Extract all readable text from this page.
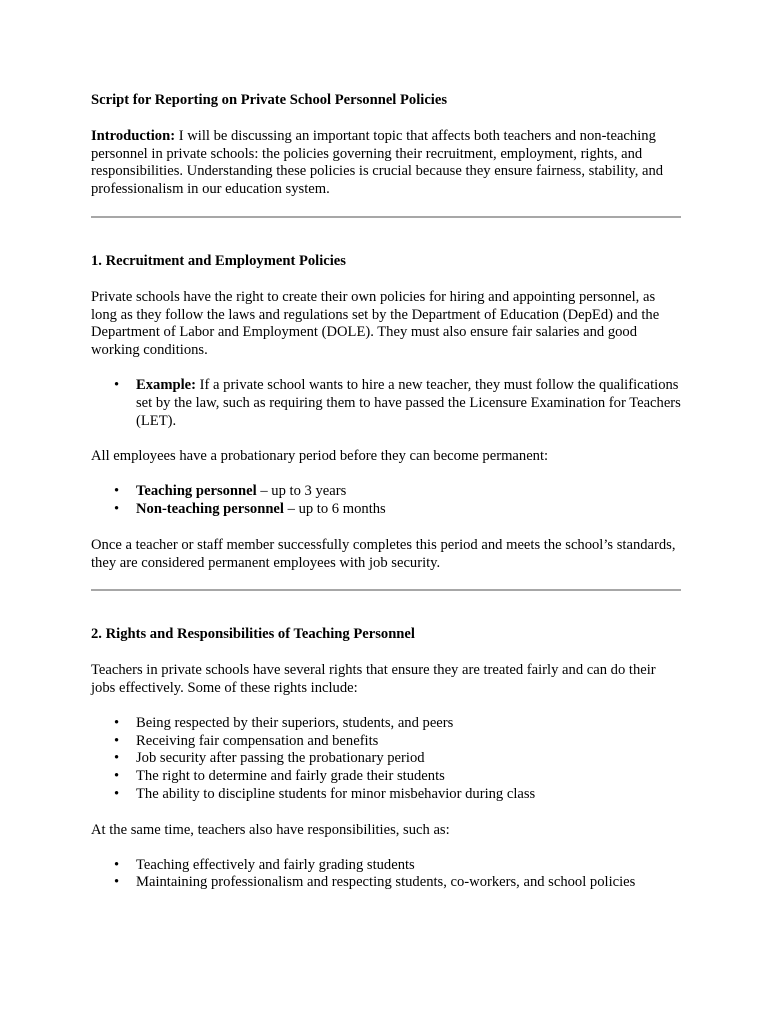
Script for Reporting on Private School Personnel Policies

Introduction: I will be discussing an important topic that affects both teachers and non-teaching personnel in private schools: the policies governing their recruitment, employment, rights, and responsibilities. Understanding these policies is crucial because they ensure fairness, stability, and professionalism in our education system.

1. Recruitment and Employment Policies

Private schools have the right to create their own policies for hiring and appointing personnel, as long as they follow the laws and regulations set by the Department of Education (DepEd) and the Department of Labor and Employment (DOLE). They must also ensure fair salaries and good working conditions.

• Example: If a private school wants to hire a new teacher, they must follow the qualifications set by the law, such as requiring them to have passed the Licensure Examination for Teachers (LET).

All employees have a probationary period before they can become permanent:

• Teaching personnel – up to 3 years
• Non-teaching personnel – up to 6 months

Once a teacher or staff member successfully completes this period and meets the school’s standards, they are considered permanent employees with job security.

2. Rights and Responsibilities of Teaching Personnel

Teachers in private schools have several rights that ensure they are treated fairly and can do their jobs effectively. Some of these rights include:

• Being respected by their superiors, students, and peers
• Receiving fair compensation and benefits
• Job security after passing the probationary period
• The right to determine and fairly grade their students
• The ability to discipline students for minor misbehavior during class

At the same time, teachers also have responsibilities, such as:

• Teaching effectively and fairly grading students
• Maintaining professionalism and respecting students, co-workers, and school policies
